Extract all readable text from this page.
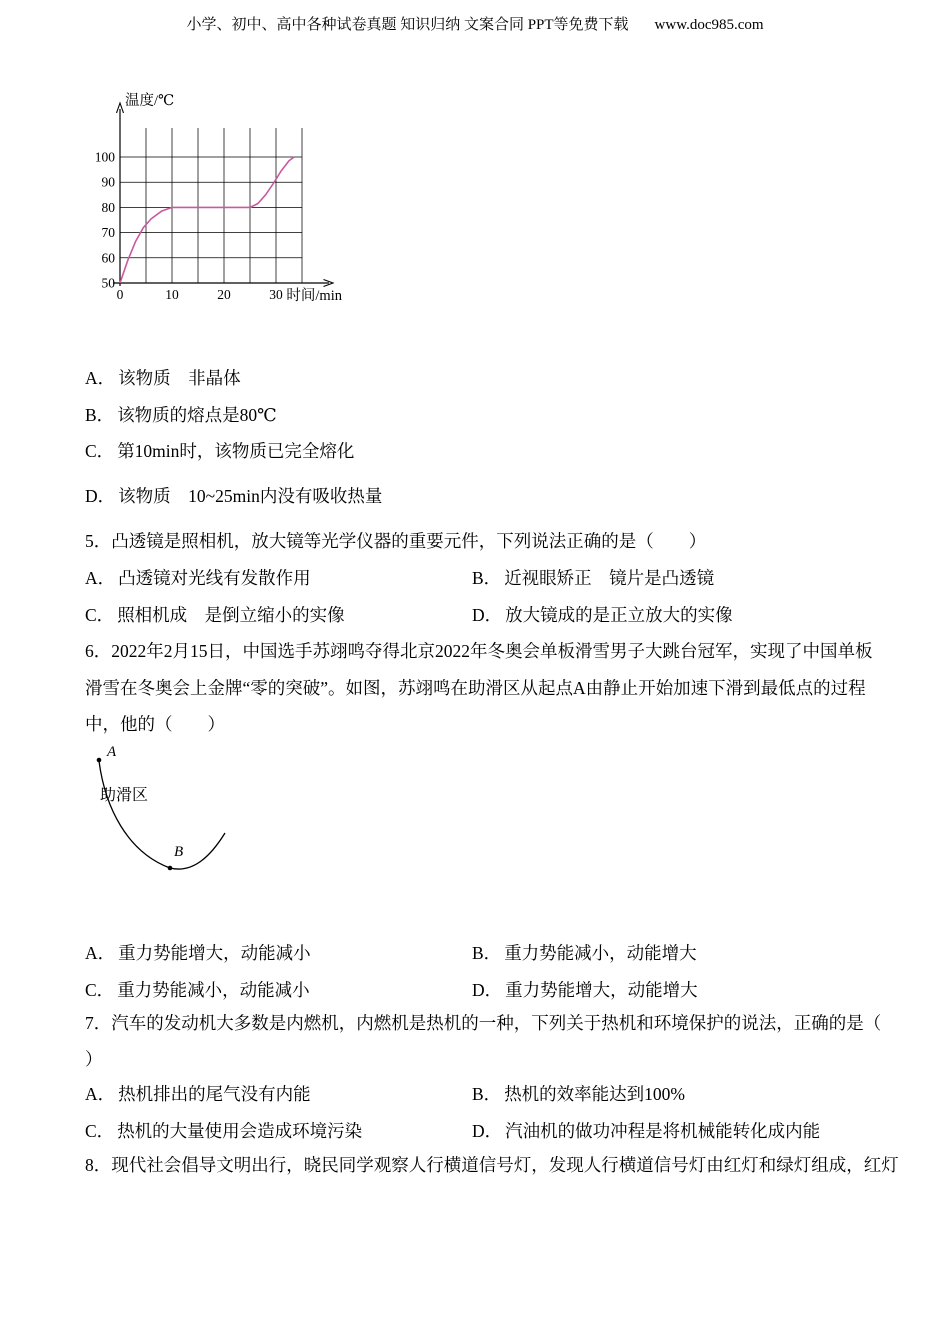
小学、初中、高中各种试卷真题 知识归纳 文案合同 PPT等免费下载 www.doc985.com
50
60
70
80
90
100
0	10	20	30
温度/℃
时间/min
A． 该物质　非晶体
B． 该物质的熔点是80℃
C． 第10min时，该物质已完全熔化
D． 该物质　10~25min内没有吸收热量
5．凸透镜是照相机，放大镜等光学仪器的重要元件，下列说法正确的是（　　）
A． 凸透镜对光线有发散作用	B． 近视眼矫正　镜片是凸透镜
C． 照相机成　是倒立缩小的实像	D． 放大镜成的是正立放大的实像
6．2022年2月15日，中国选手苏翊鸣夺得北京2022年冬奥会单板滑雪男子大跳台冠军，实现了中国单板
滑雪在冬奥会上金牌“零的突破”。如图，苏翊鸣在助滑区从起点A由静止开始加速下滑到最低点的过程
中，他的（　　）
A
B
助滑区
A． 重力势能增大，动能减小	B． 重力势能减小，动能增大
C． 重力势能减小，动能减小	D． 重力势能增大，动能增大
7．汽车的发动机大多数是内燃机，内燃机是热机的一种，下列关于热机和环境保护的说法，正确的是（
）
A． 热机排出的尾气没有内能	B． 热机的效率能达到100%
C． 热机的大量使用会造成环境污染	D． 汽油机的做功冲程是将机械能转化成内能
8．现代社会倡导文明出行，晓民同学观察人行横道信号灯，发现人行横道信号灯由红灯和绿灯组成，红灯
